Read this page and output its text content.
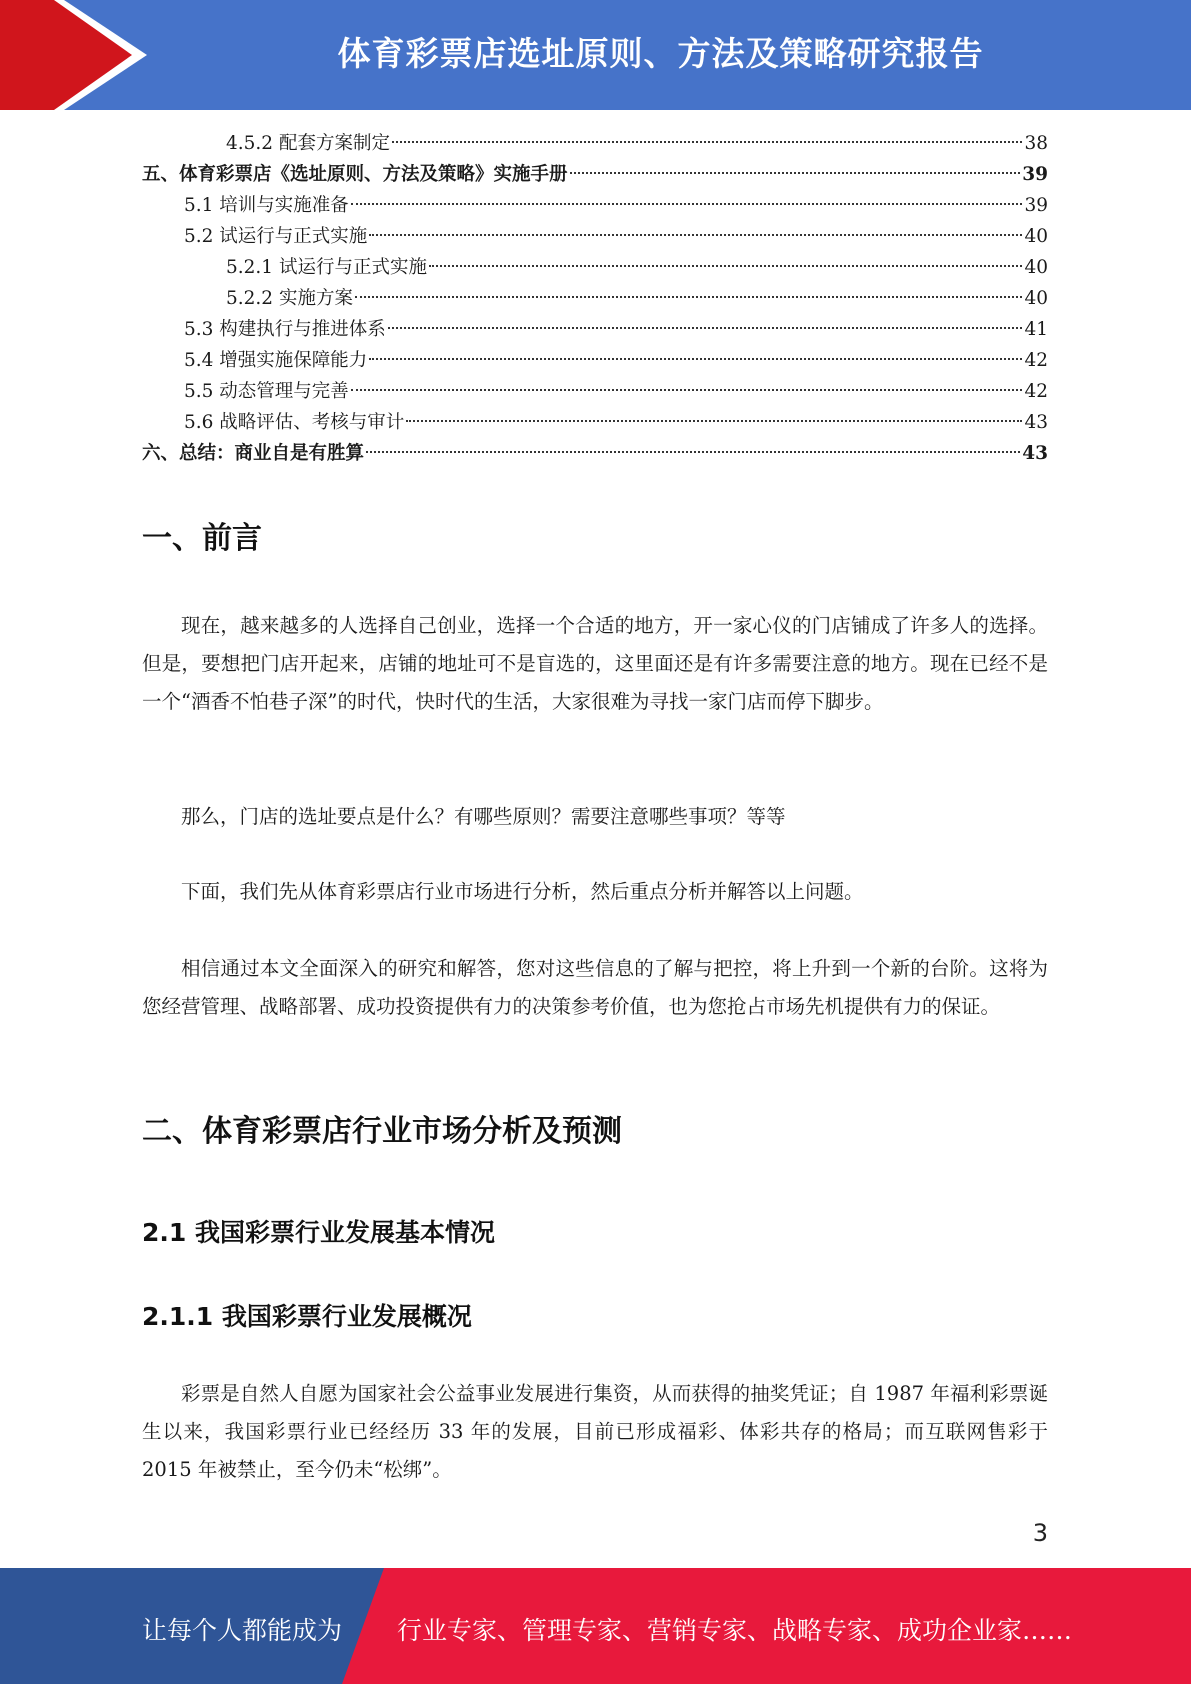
体育彩票店选址原则、方法及策略研究报告
4.5.2 配套方案制定	38
五、体育彩票店《选址原则、方法及策略》实施手册	39
5.1 培训与实施准备	39
5.2 试运行与正式实施	40
5.2.1 试运行与正式实施	40
5.2.2 实施方案	40
5.3 构建执行与推进体系	41
5.4 增强实施保障能力	42
5.5 动态管理与完善	42
5.6 战略评估、考核与审计	43
六、总结：商业自是有胜算	43
一、前言
现在，越来越多的人选择自己创业，选择一个合适的地方，开一家心仪的门店铺成了许多人的选择。但是，要想把门店开起来，店铺的地址可不是盲选的，这里面还是有许多需要注意的地方。现在已经不是一个“酒香不怕巷子深”的时代，快时代的生活，大家很难为寻找一家门店而停下脚步。
那么，门店的选址要点是什么？有哪些原则？需要注意哪些事项？等等
下面，我们先从体育彩票店行业市场进行分析，然后重点分析并解答以上问题。
相信通过本文全面深入的研究和解答，您对这些信息的了解与把控，将上升到一个新的台阶。这将为您经营管理、战略部署、成功投资提供有力的决策参考价值，也为您抢占市场先机提供有力的保证。
二、体育彩票店行业市场分析及预测
2.1 我国彩票行业发展基本情况
2.1.1 我国彩票行业发展概况
彩票是自然人自愿为国家社会公益事业发展进行集资，从而获得的抽奖凭证；自 1987 年福利彩票诞生以来，我国彩票行业已经经历 33 年的发展，目前已形成福彩、体彩共存的格局；而互联网售彩于 2015 年被禁止，至今仍未“松绑”。
3
让每个人都能成为 行业专家、管理专家、营销专家、战略专家、成功企业家……
